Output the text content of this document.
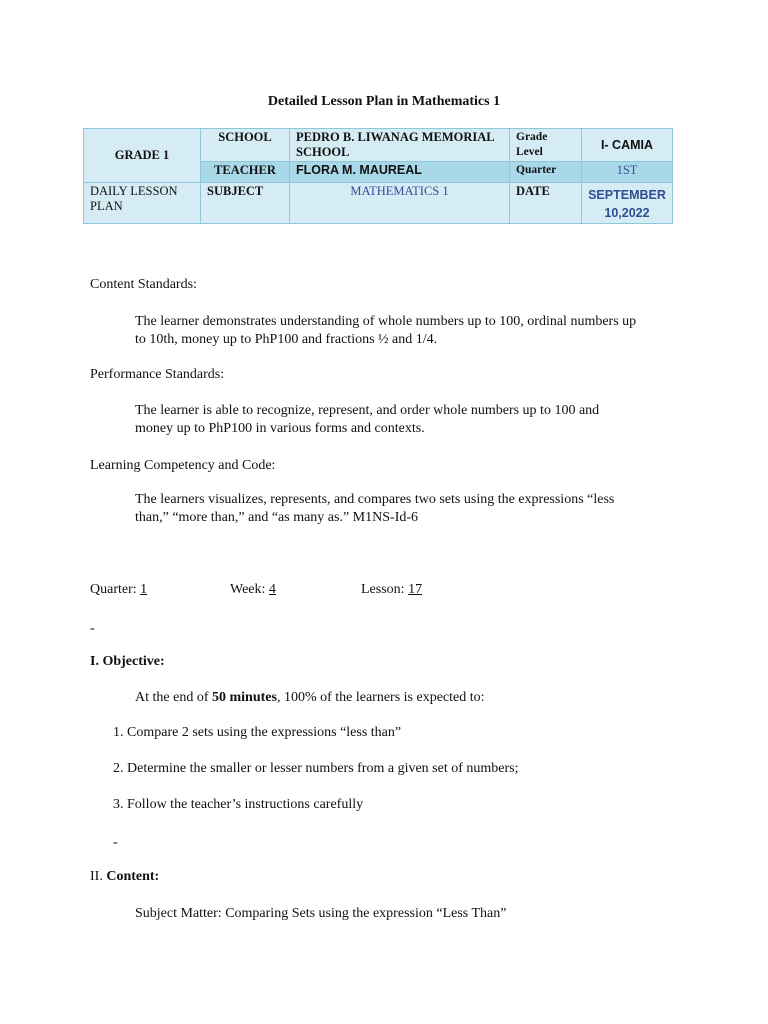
Detailed Lesson Plan in Mathematics 1
GRADE 1	SCHOOL	PEDRO B. LIWANAG MEMORIAL SCHOOL	Grade Level	I- CAMIA
	TEACHER	FLORA M. MAUREAL	Quarter	1ST
DAILY LESSON PLAN	SUBJECT	MATHEMATICS 1	DATE	SEPTEMBER 10,2022
Content Standards:
The learner demonstrates understanding of whole numbers up to 100, ordinal numbers up
to 10th, money up to PhP100 and fractions ½ and 1/4.
Performance Standards:
The learner is able to recognize, represent, and order whole numbers up to 100 and
money up to PhP100 in various forms and contexts.
Learning Competency and Code:
The learners visualizes, represents, and compares two sets using the expressions “less
than,” “more than,” and “as many as.” M1NS-Id-6
Quarter: 1	Week: 4	Lesson: 17
-
I. Objective:
At the end of 50 minutes, 100% of the learners is expected to:
1. Compare 2 sets using the expressions “less than”
2. Determine the smaller or lesser numbers from a given set of numbers;
3. Follow the teacher’s instructions carefully
-
II. Content:
Subject Matter: Comparing Sets using the expression “Less Than”
